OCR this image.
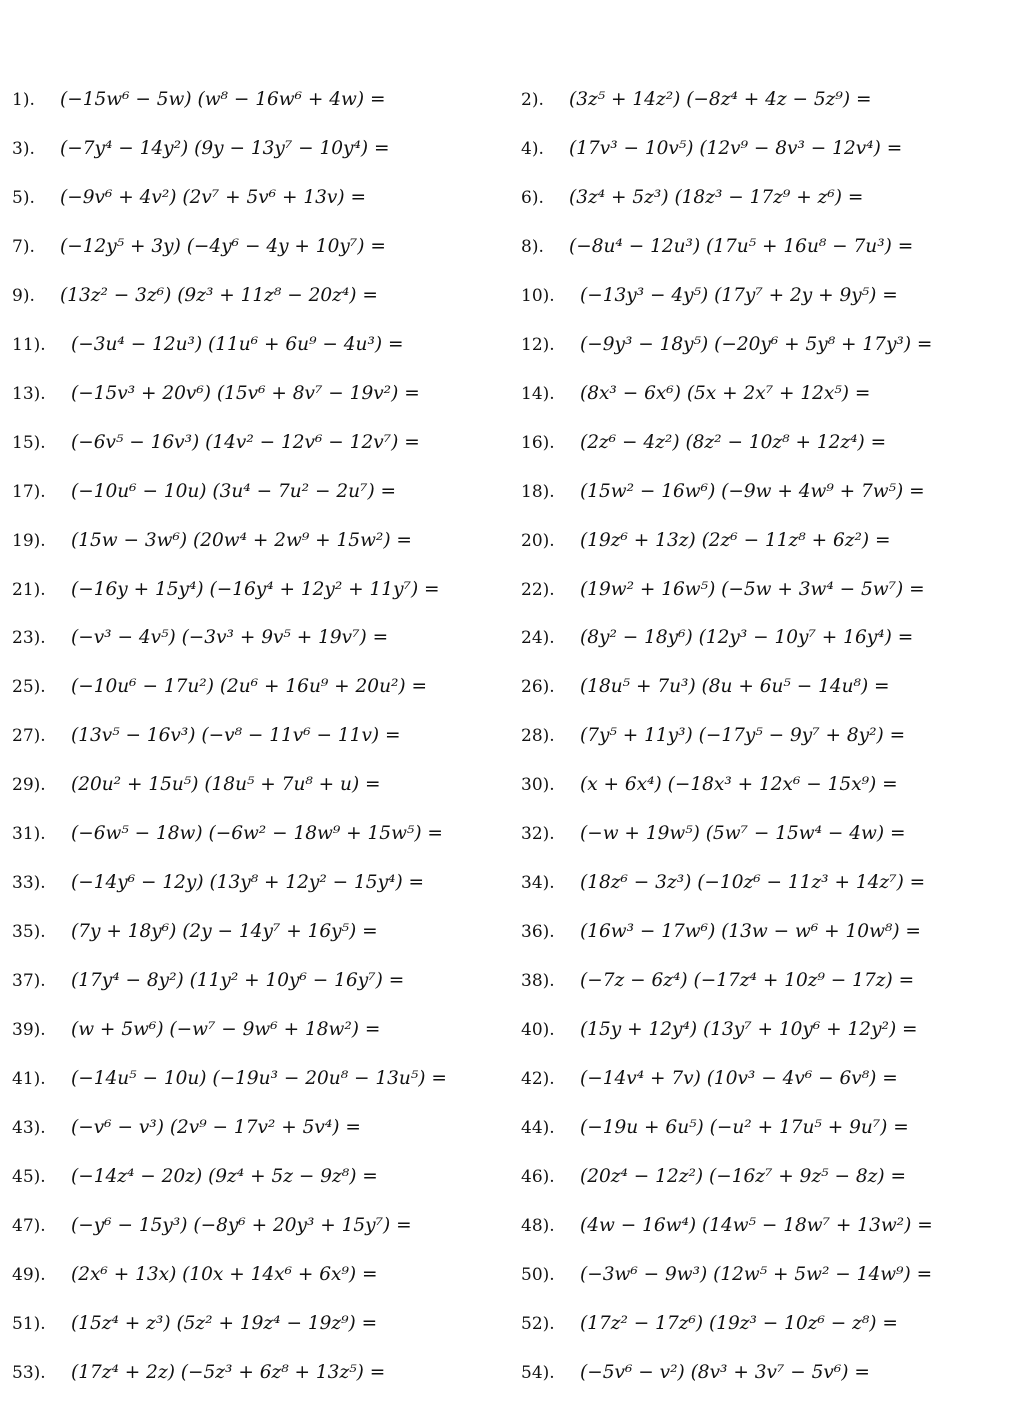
1). (−15w⁶ − 5w) (w⁸ − 16w⁶ + 4w) =	2). (3z⁵ + 14z²) (−8z⁴ + 4z − 5z⁹) =
3). (−7y⁴ − 14y²) (9y − 13y⁷ − 10y⁴) =	4). (17v³ − 10v⁵) (12v⁹ − 8v³ − 12v⁴) =
5). (−9v⁶ + 4v²) (2v⁷ + 5v⁶ + 13v) =	6). (3z⁴ + 5z³) (18z³ − 17z⁹ + z⁶) =
7). (−12y⁵ + 3y) (−4y⁶ − 4y + 10y⁷) =	8). (−8u⁴ − 12u³) (17u⁵ + 16u⁸ − 7u³) =
9). (13z² − 3z⁶) (9z³ + 11z⁸ − 20z⁴) =	10). (−13y³ − 4y⁵) (17y⁷ + 2y + 9y⁵) =
11). (−3u⁴ − 12u³) (11u⁶ + 6u⁹ − 4u³) =	12). (−9y³ − 18y⁵) (−20y⁶ + 5y⁸ + 17y³) =
13). (−15v³ + 20v⁶) (15v⁶ + 8v⁷ − 19v²) =	14). (8x³ − 6x⁶) (5x + 2x⁷ + 12x⁵) =
15). (−6v⁵ − 16v³) (14v² − 12v⁶ − 12v⁷) =	16). (2z⁶ − 4z²) (8z² − 10z⁸ + 12z⁴) =
17). (−10u⁶ − 10u) (3u⁴ − 7u² − 2u⁷) =	18). (15w² − 16w⁶) (−9w + 4w⁹ + 7w⁵) =
19). (15w − 3w⁶) (20w⁴ + 2w⁹ + 15w²) =	20). (19z⁶ + 13z) (2z⁶ − 11z⁸ + 6z²) =
21). (−16y + 15y⁴) (−16y⁴ + 12y² + 11y⁷) =	22). (19w² + 16w⁵) (−5w + 3w⁴ − 5w⁷) =
23). (−v³ − 4v⁵) (−3v³ + 9v⁵ + 19v⁷) =	24). (8y² − 18y⁶) (12y³ − 10y⁷ + 16y⁴) =
25). (−10u⁶ − 17u²) (2u⁶ + 16u⁹ + 20u²) =	26). (18u⁵ + 7u³) (8u + 6u⁵ − 14u⁸) =
27). (13v⁵ − 16v³) (−v⁸ − 11v⁶ − 11v) =	28). (7y⁵ + 11y³) (−17y⁵ − 9y⁷ + 8y²) =
29). (20u² + 15u⁵) (18u⁵ + 7u⁸ + u) =	30). (x + 6x⁴) (−18x³ + 12x⁶ − 15x⁹) =
31). (−6w⁵ − 18w) (−6w² − 18w⁹ + 15w⁵) =	32). (−w + 19w⁵) (5w⁷ − 15w⁴ − 4w) =
33). (−14y⁶ − 12y) (13y⁸ + 12y² − 15y⁴) =	34). (18z⁶ − 3z³) (−10z⁶ − 11z³ + 14z⁷) =
35). (7y + 18y⁶) (2y − 14y⁷ + 16y⁵) =	36). (16w³ − 17w⁶) (13w − w⁶ + 10w⁸) =
37). (17y⁴ − 8y²) (11y² + 10y⁶ − 16y⁷) =	38). (−7z − 6z⁴) (−17z⁴ + 10z⁹ − 17z) =
39). (w + 5w⁶) (−w⁷ − 9w⁶ + 18w²) =	40). (15y + 12y⁴) (13y⁷ + 10y⁶ + 12y²) =
41). (−14u⁵ − 10u) (−19u³ − 20u⁸ − 13u⁵) =	42). (−14v⁴ + 7v) (10v³ − 4v⁶ − 6v⁸) =
43). (−v⁶ − v³) (2v⁹ − 17v² + 5v⁴) =	44). (−19u + 6u⁵) (−u² + 17u⁵ + 9u⁷) =
45). (−14z⁴ − 20z) (9z⁴ + 5z − 9z⁸) =	46). (20z⁴ − 12z²) (−16z⁷ + 9z⁵ − 8z) =
47). (−y⁶ − 15y³) (−8y⁶ + 20y³ + 15y⁷) =	48). (4w − 16w⁴) (14w⁵ − 18w⁷ + 13w²) =
49). (2x⁶ + 13x) (10x + 14x⁶ + 6x⁹) =	50). (−3w⁶ − 9w³) (12w⁵ + 5w² − 14w⁹) =
51). (15z⁴ + z³) (5z² + 19z⁴ − 19z⁹) =	52). (17z² − 17z⁶) (19z³ − 10z⁶ − z⁸) =
53). (17z⁴ + 2z) (−5z³ + 6z⁸ + 13z⁵) =	54). (−5v⁶ − v²) (8v³ + 3v⁷ − 5v⁶) =
